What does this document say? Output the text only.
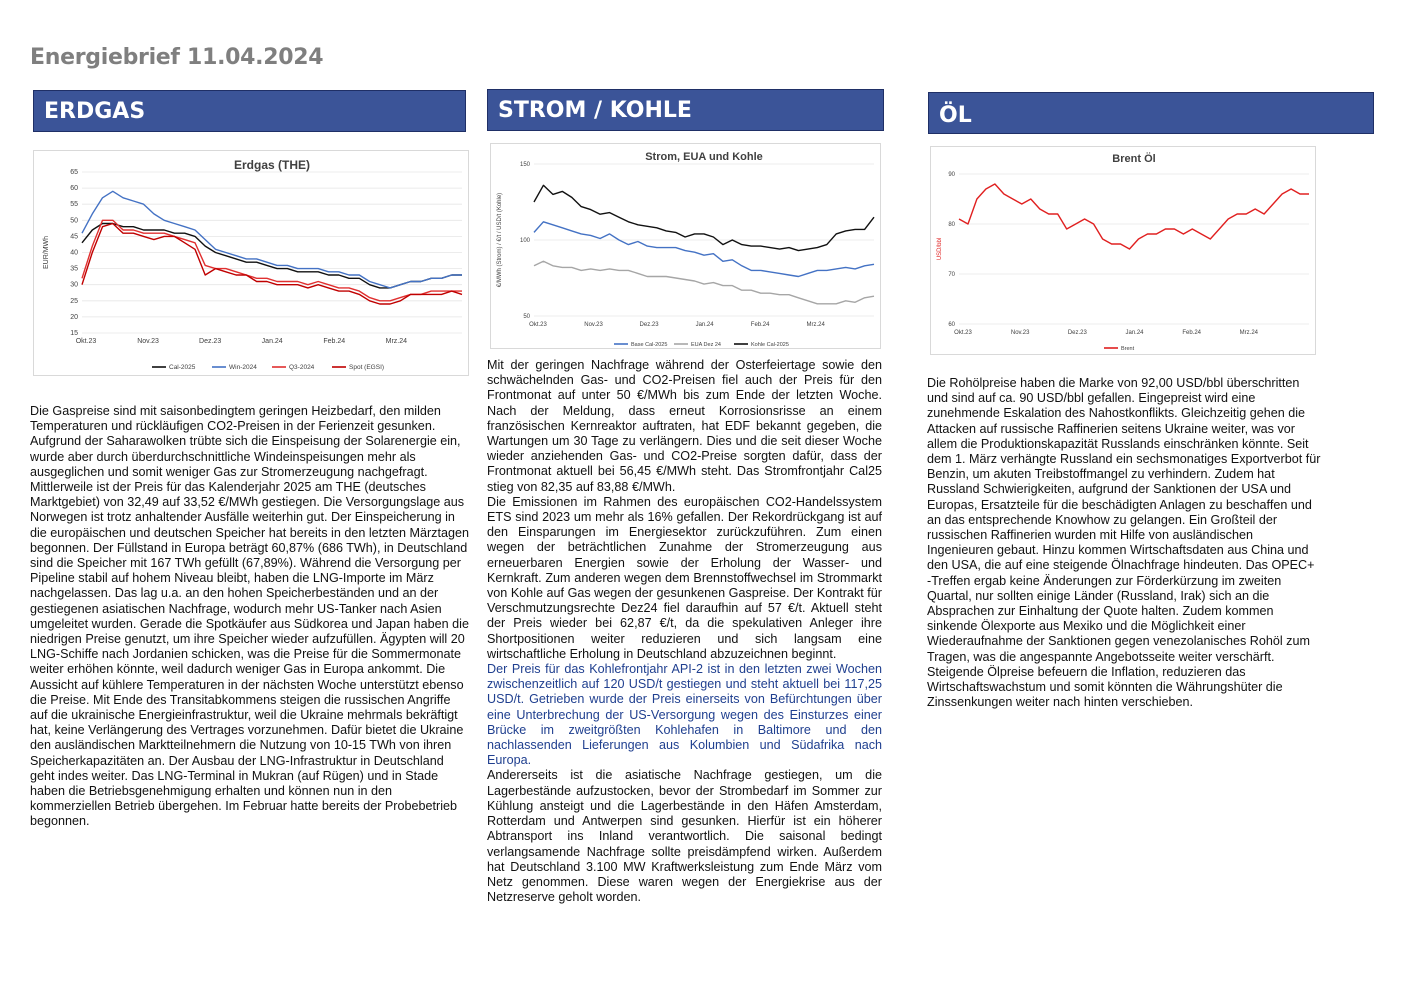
Energiebrief 11.04.2024
ERDGAS	STROM / KOHLE	ÖL
Erdgas (THE)
65
60
55
50
45
40
35
30
25
20
15
EUR/MWh
Okt.23	Nov.23	Dez.23	Jan.24	Feb.24	Mrz.24
Cal-2025	Win-2024	Q3-2024	Spot (EGSI)
Strom, EUA und Kohle
150
100
50
€/MWh (Strom) / €/t / USD/t (Kohle)
Okt.23	Nov.23	Dez.23	Jan.24	Feb.24	Mrz.24
Base Cal-2025	EUA Dez 24	Kohle Cal-2025
Brent Öl
90
80
70
60
USD/bbl
Okt.23	Nov.23	Dez.23	Jan.24	Feb.24	Mrz.24
Brent

Die Gaspreise sind mit saisonbedingtem geringen Heizbedarf, den milden Temperaturen und rückläufigen CO2-Preisen in der Ferienzeit gesunken. Aufgrund der Saharawolken trübte sich die Einspeisung der Solarenergie ein, wurde aber durch überdurchschnittliche Windeinspeisungen mehr als ausgeglichen und somit weniger Gas zur Stromerzeugung nachgefragt. Mittlerweile ist der Preis für das Kalenderjahr 2025 am THE (deutsches Marktgebiet) von 32,49 auf 33,52 €/MWh gestiegen. Die Versorgungslage aus Norwegen ist trotz anhaltender Ausfälle weiterhin gut. Der Einspeicherung in die europäischen und deutschen Speicher hat bereits in den letzten Märztagen begonnen. Der Füllstand in Europa beträgt 60,87% (686 TWh), in Deutschland sind die Speicher mit 167 TWh gefüllt (67,89%). Während die Versorgung per Pipeline stabil auf hohem Niveau bleibt, haben die LNG-Importe im März nachgelassen. Das lag u.a. an den hohen Speicherbeständen und an der gestiegenen asiatischen Nachfrage, wodurch mehr US-Tanker nach Asien umgeleitet wurden. Gerade die Spotkäufer aus Südkorea und Japan haben die niedrigen Preise genutzt, um ihre Speicher wieder aufzufüllen. Ägypten will 20 LNG-Schiffe nach Jordanien schicken, was die Preise für die Sommermonate weiter erhöhen könnte, weil dadurch weniger Gas in Europa ankommt. Die Aussicht auf kühlere Temperaturen in der nächsten Woche unterstützt ebenso die Preise. Mit Ende des Transitabkommens steigen die russischen Angriffe auf die ukrainische Energieinfrastruktur, weil die Ukraine mehrmals bekräftigt hat, keine Verlängerung des Vertrages vorzunehmen. Dafür bietet die Ukraine den ausländischen Marktteilnehmern die Nutzung von 10-15 TWh von ihren Speicherkapazitäten an. Der Ausbau der LNG-Infrastruktur in Deutschland geht indes weiter. Das LNG-Terminal in Mukran (auf Rügen) und in Stade haben die Betriebsgenehmigung erhalten und können nun in den kommerziellen Betrieb übergehen. Im Februar hatte bereits der Probebetrieb begonnen.

Mit der geringen Nachfrage während der Osterfeiertage sowie den schwächelnden Gas- und CO2-Preisen fiel auch der Preis für den Frontmonat auf unter 50 €/MWh bis zum Ende der letzten Woche. Nach der Meldung, dass erneut Korrosionsrisse an einem französischen Kernreaktor auftraten, hat EDF bekannt gegeben, die Wartungen um 30 Tage zu verlängern. Dies und die seit dieser Woche wieder anziehenden Gas- und CO2-Preise sorgten dafür, dass der Frontmonat aktuell bei 56,45 €/MWh steht. Das Stromfrontjahr Cal25 stieg von 82,35 auf 83,88 €/MWh.

Die Emissionen im Rahmen des europäischen CO2-Handelssystem ETS sind 2023 um mehr als 16% gefallen. Der Rekordrückgang ist auf den Einsparungen im Energiesektor zurückzuführen. Zum einen wegen der beträchtlichen Zunahme der Stromerzeugung aus erneuerbaren Energien sowie der Erholung der Wasser- und Kernkraft. Zum anderen wegen dem Brennstoffwechsel im Strommarkt von Kohle auf Gas wegen der gesunkenen Gaspreise. Der Kontrakt für Verschmutzungsrechte Dez24 fiel daraufhin auf 57 €/t. Aktuell steht der Preis wieder bei 62,87 €/t, da die spekulativen Anleger ihre Shortpositionen weiter reduzieren und sich langsam eine wirtschaftliche Erholung in Deutschland abzuzeichnen beginnt.

Der Preis für das Kohlefrontjahr API-2 ist in den letzten zwei Wochen zwischenzeitlich auf 120 USD/t gestiegen und steht aktuell bei 117,25 USD/t. Getrieben wurde der Preis einerseits von Befürchtungen über eine Unterbrechung der US-Versorgung wegen des Einsturzes einer Brücke im zweitgrößten Kohlehafen in Baltimore und den nachlassenden Lieferungen aus Kolumbien und Südafrika nach Europa.

Andererseits ist die asiatische Nachfrage gestiegen, um die Lagerbestände aufzustocken, bevor der Strombedarf im Sommer zur Kühlung ansteigt und die Lagerbestände in den Häfen Amsterdam, Rotterdam und Antwerpen sind gesunken. Hierfür ist ein höherer Abtransport ins Inland verantwortlich. Die saisonal bedingt verlangsamende Nachfrage sollte preisdämpfend wirken. Außerdem hat Deutschland 3.100 MW Kraftwerksleistung zum Ende März vom Netz genommen. Diese waren wegen der Energiekrise aus der Netzreserve geholt worden.

Die Rohölpreise haben die Marke von 92,00 USD/bbl überschritten und sind auf ca. 90 USD/bbl gefallen. Eingepreist wird eine zunehmende Eskalation des Nahostkonflikts. Gleichzeitig gehen die Attacken auf russische Raffinerien seitens Ukraine weiter, was vor allem die Produktionskapazität Russlands einschränken könnte. Seit dem 1. März verhängte Russland ein sechsmonatiges Exportverbot für Benzin, um akuten Treibstoffmangel zu verhindern. Zudem hat Russland Schwierigkeiten, aufgrund der Sanktionen der USA und Europas, Ersatzteile für die beschädigten Anlagen zu beschaffen und an das entsprechende Knowhow zu gelangen. Ein Großteil der russischen Raffinerien wurden mit Hilfe von ausländischen Ingenieuren gebaut. Hinzu kommen Wirtschaftsdaten aus China und den USA, die auf eine steigende Ölnachfrage hindeuten. Das OPEC+ -Treffen ergab keine Änderungen zur Förderkürzung im zweiten Quartal, nur sollten einige Länder (Russland, Irak) sich an die Absprachen zur Einhaltung der Quote halten. Zudem kommen sinkende Ölexporte aus Mexiko und die Möglichkeit einer Wiederaufnahme der Sanktionen gegen venezolanisches Rohöl zum Tragen, was die angespannte Angebotsseite weiter verschärft. Steigende Ölpreise befeuern die Inflation, reduzieren das Wirtschaftswachstum und somit könnten die Währungshüter die Zinssenkungen weiter nach hinten verschieben.
